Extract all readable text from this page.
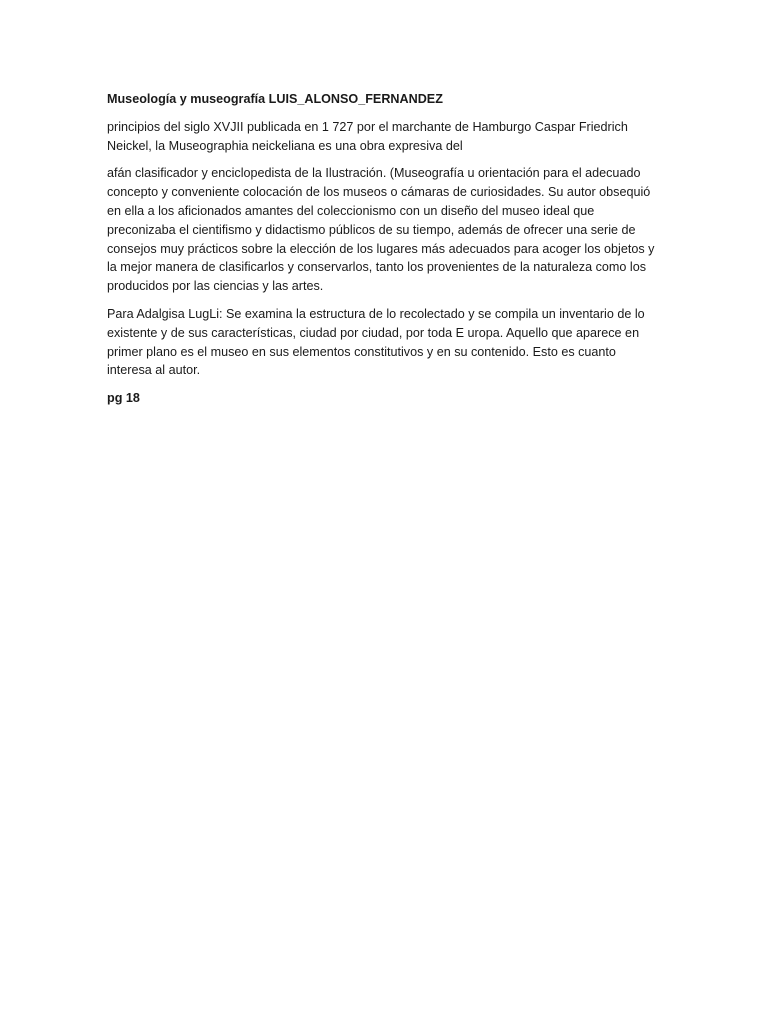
Museología y museografía LUIS_ALONSO_FERNANDEZ

principios del siglo XVJII publicada en 1 727 por el marchante de Hamburgo Caspar Friedrich Neickel, la Museographia neickeliana es una obra expresiva del

afán clasificador y enciclopedista de la Ilustración. (Museografía u orientación para el adecuado concepto y conveniente colocación de los museos o cámaras de curiosidades. Su autor obsequió en ella a los aficionados amantes del coleccionismo con un diseño del museo ideal que preconizaba el cientifismo y didactismo públicos de su tiempo, además de ofrecer una serie de consejos muy prácticos sobre la elección de los lugares más adecuados para acoger los objetos y la mejor manera de clasificarlos y conservarlos, tanto los provenientes de la naturaleza como los producidos por las ciencias y las artes.

Para Adalgisa LugLi: Se examina la estructura de lo recolectado y se compila un inventario de lo existente y de sus características, ciudad por ciudad, por toda E uropa. Aquello que aparece en primer plano es el museo en sus elementos constitutivos y en su contenido. Esto es cuanto interesa al autor.

pg 18
